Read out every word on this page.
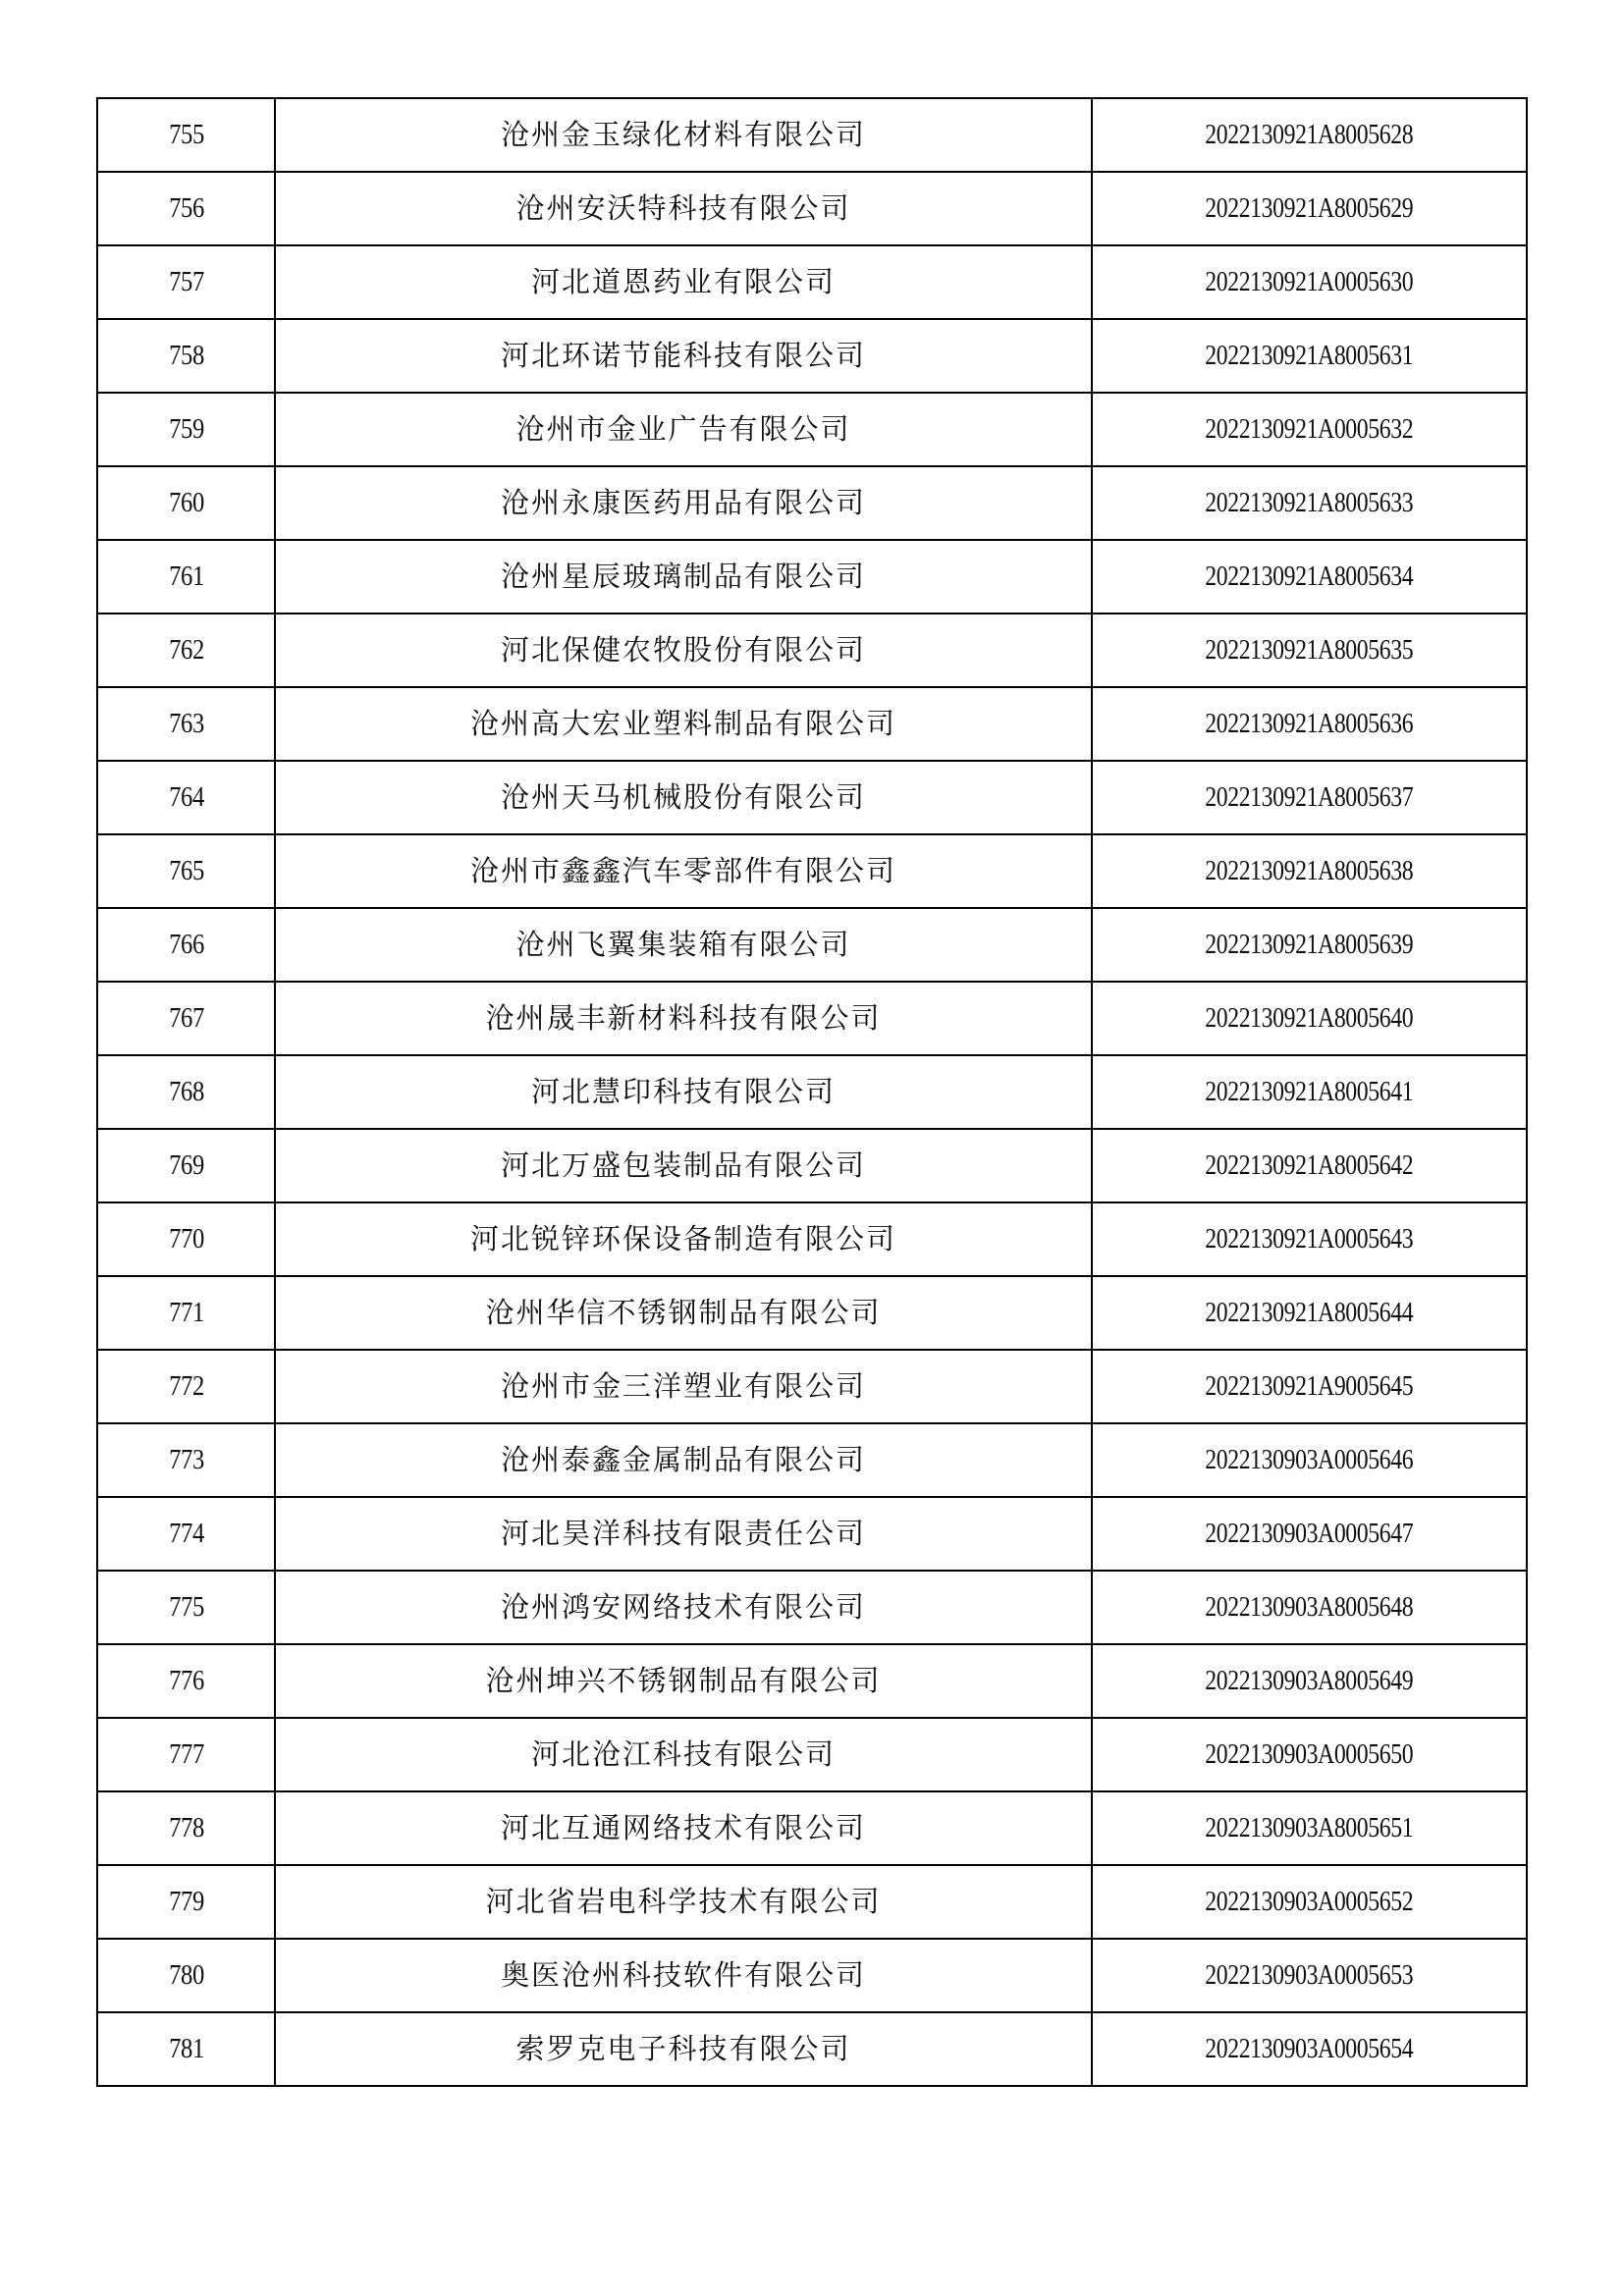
755	沧州金玉绿化材料有限公司	2022130921A8005628
756	沧州安沃特科技有限公司	2022130921A8005629
757	河北道恩药业有限公司	2022130921A0005630
758	河北环诺节能科技有限公司	2022130921A8005631
759	沧州市金业广告有限公司	2022130921A0005632
760	沧州永康医药用品有限公司	2022130921A8005633
761	沧州星辰玻璃制品有限公司	2022130921A8005634
762	河北保健农牧股份有限公司	2022130921A8005635
763	沧州高大宏业塑料制品有限公司	2022130921A8005636
764	沧州天马机械股份有限公司	2022130921A8005637
765	沧州市鑫鑫汽车零部件有限公司	2022130921A8005638
766	沧州飞翼集装箱有限公司	2022130921A8005639
767	沧州晟丰新材料科技有限公司	2022130921A8005640
768	河北慧印科技有限公司	2022130921A8005641
769	河北万盛包装制品有限公司	2022130921A8005642
770	河北锐锌环保设备制造有限公司	2022130921A0005643
771	沧州华信不锈钢制品有限公司	2022130921A8005644
772	沧州市金三洋塑业有限公司	2022130921A9005645
773	沧州泰鑫金属制品有限公司	2022130903A0005646
774	河北昊洋科技有限责任公司	2022130903A0005647
775	沧州鸿安网络技术有限公司	2022130903A8005648
776	沧州坤兴不锈钢制品有限公司	2022130903A8005649
777	河北沧江科技有限公司	2022130903A0005650
778	河北互通网络技术有限公司	2022130903A8005651
779	河北省岩电科学技术有限公司	2022130903A0005652
780	奥医沧州科技软件有限公司	2022130903A0005653
781	索罗克电子科技有限公司	2022130903A0005654
